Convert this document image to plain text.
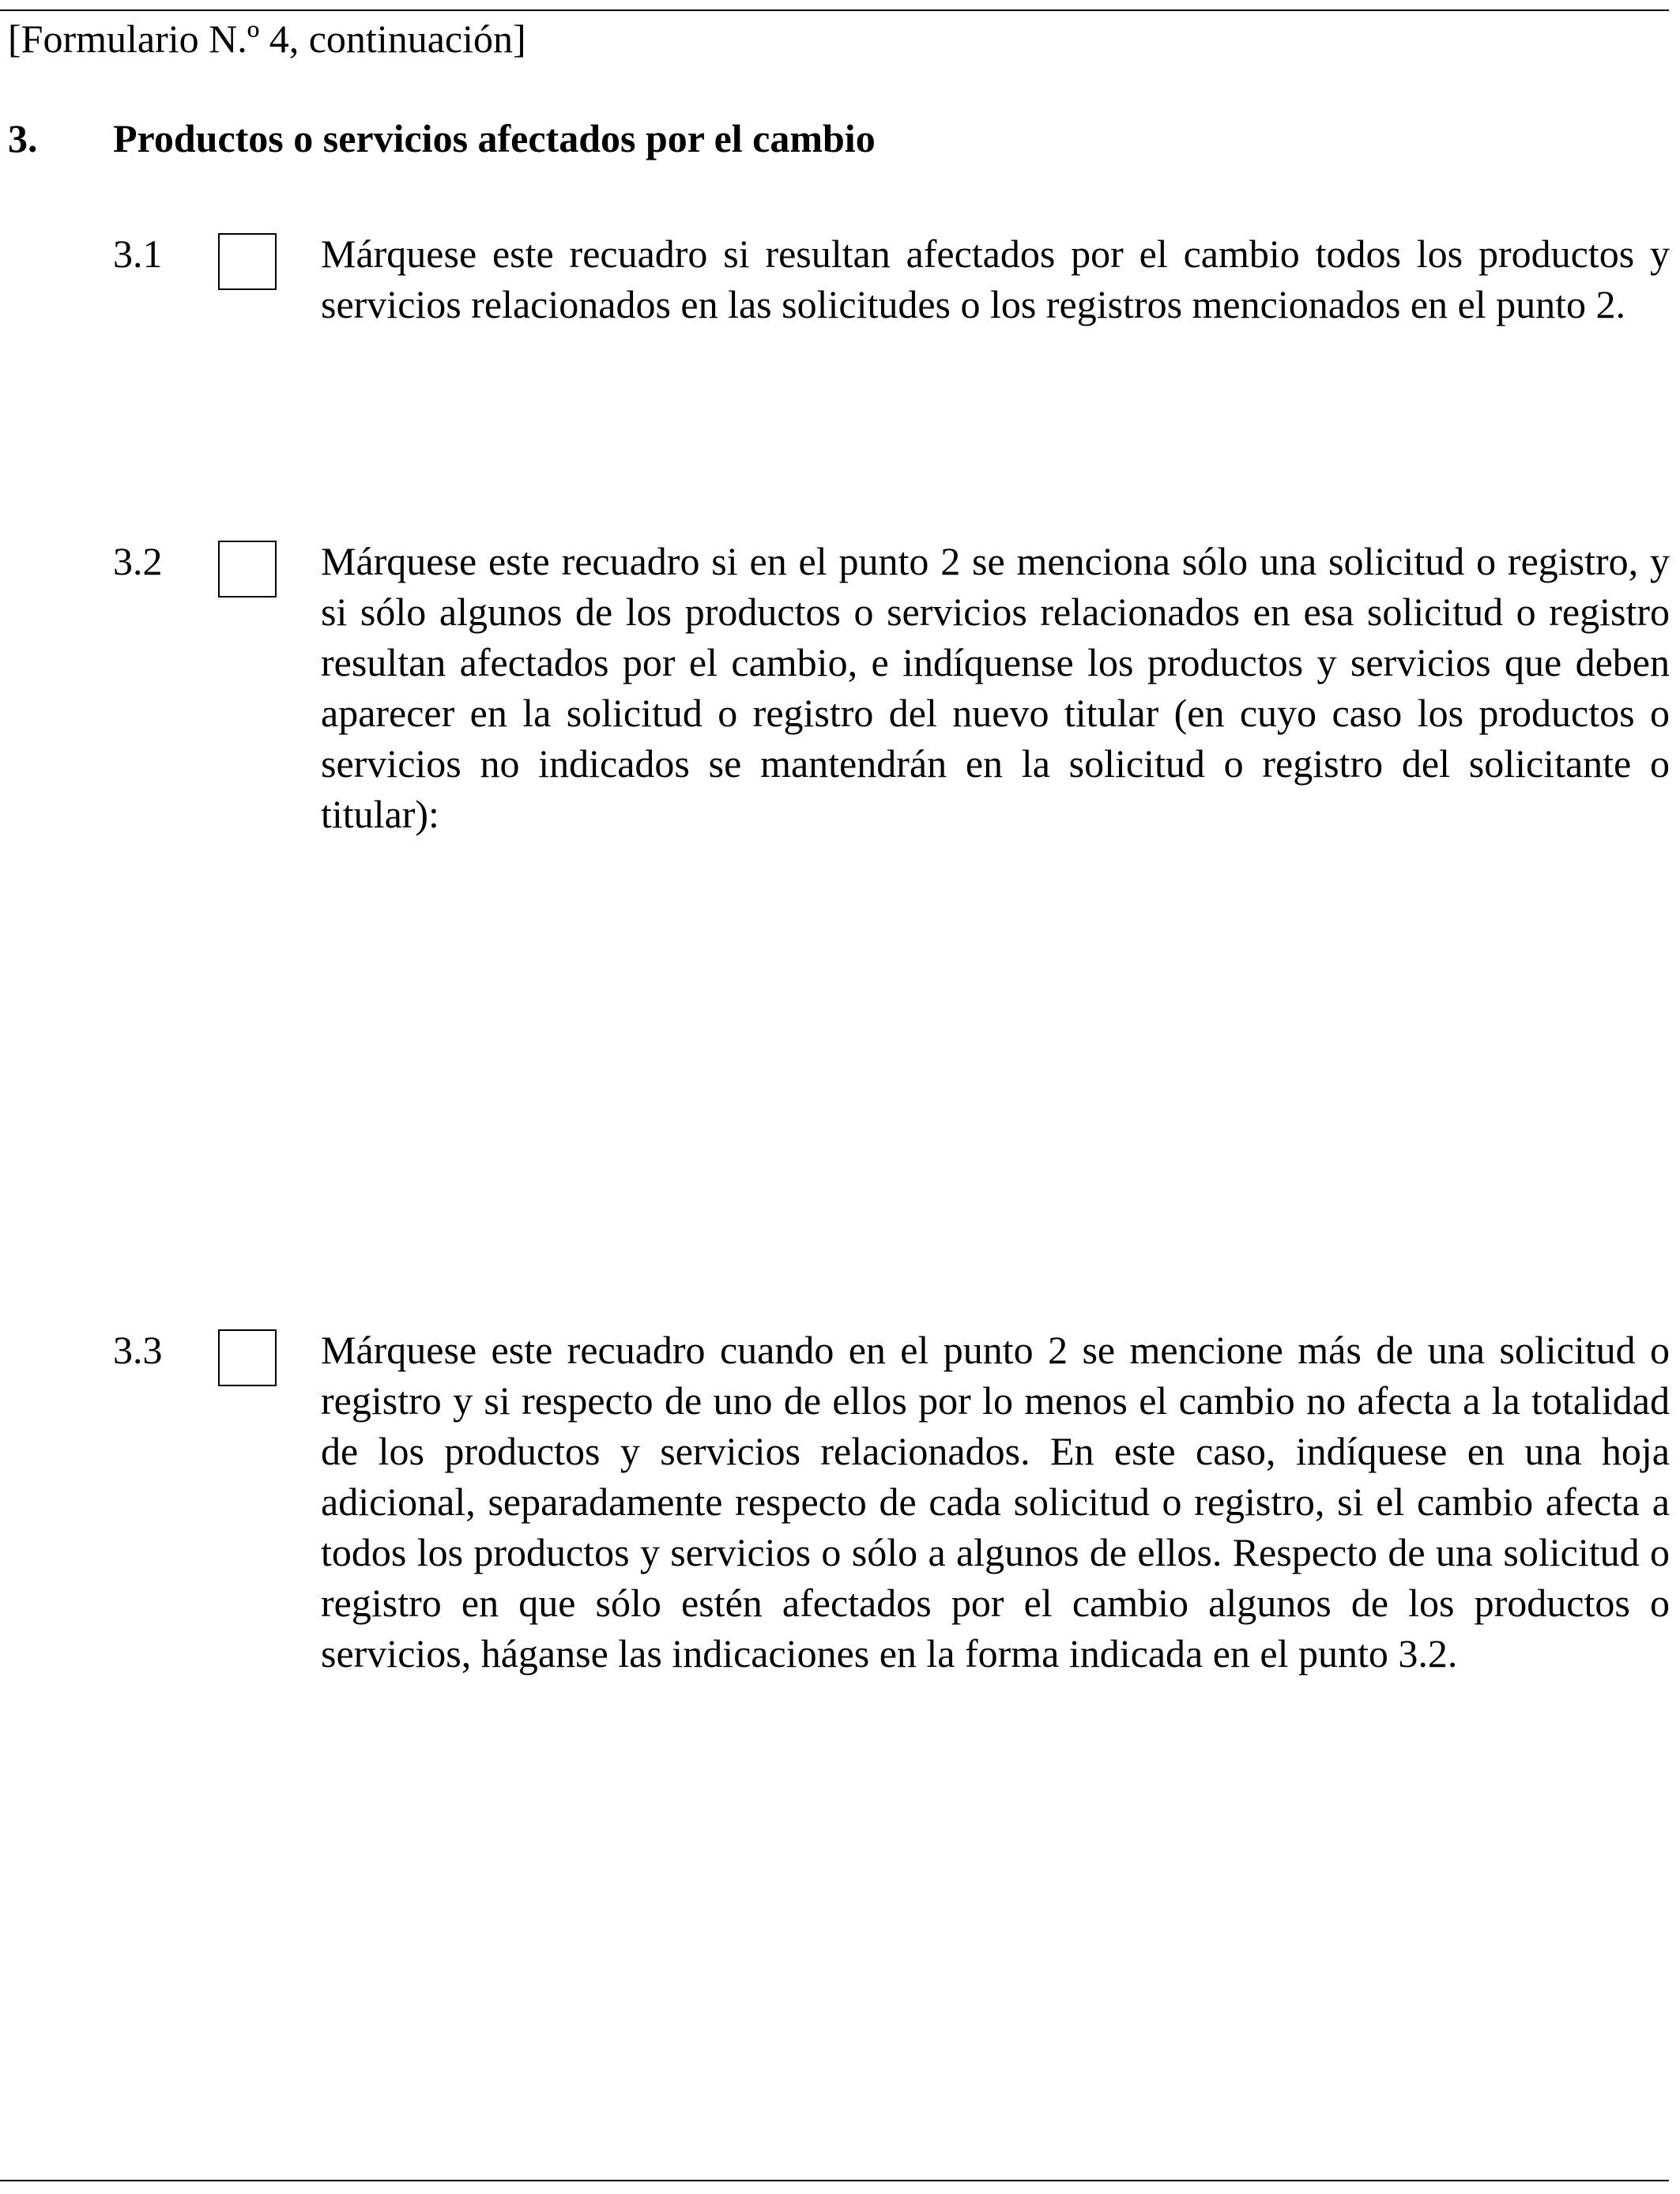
[Formulario N.º 4, continuación]
3. Productos o servicios afectados por el cambio
3.1	Márquese este recuadro si resultan afectados por el cambio todos los productos y servicios relacionados en las solicitudes o los registros mencionados en el punto 2.
3.2	Márquese este recuadro si en el punto 2 se menciona sólo una solicitud o registro, y si sólo algunos de los productos o servicios relacionados en esa solicitud o registro resultan afectados por el cambio, e indíquense los productos y servicios que deben aparecer en la solicitud o registro del nuevo titular (en cuyo caso los productos o servicios no indicados se mantendrán en la solicitud o registro del solicitante o titular):
3.3	Márquese este recuadro cuando en el punto 2 se mencione más de una solicitud o registro y si respecto de uno de ellos por lo menos el cambio no afecta a la totalidad de los productos y servicios relacionados. En este caso, indíquese en una hoja adicional, separadamente respecto de cada solicitud o registro, si el cambio afecta a todos los productos y servicios o sólo a algunos de ellos. Respecto de una solicitud o registro en que sólo estén afectados por el cambio algunos de los productos o servicios, háganse las indicaciones en la forma indicada en el punto 3.2.
